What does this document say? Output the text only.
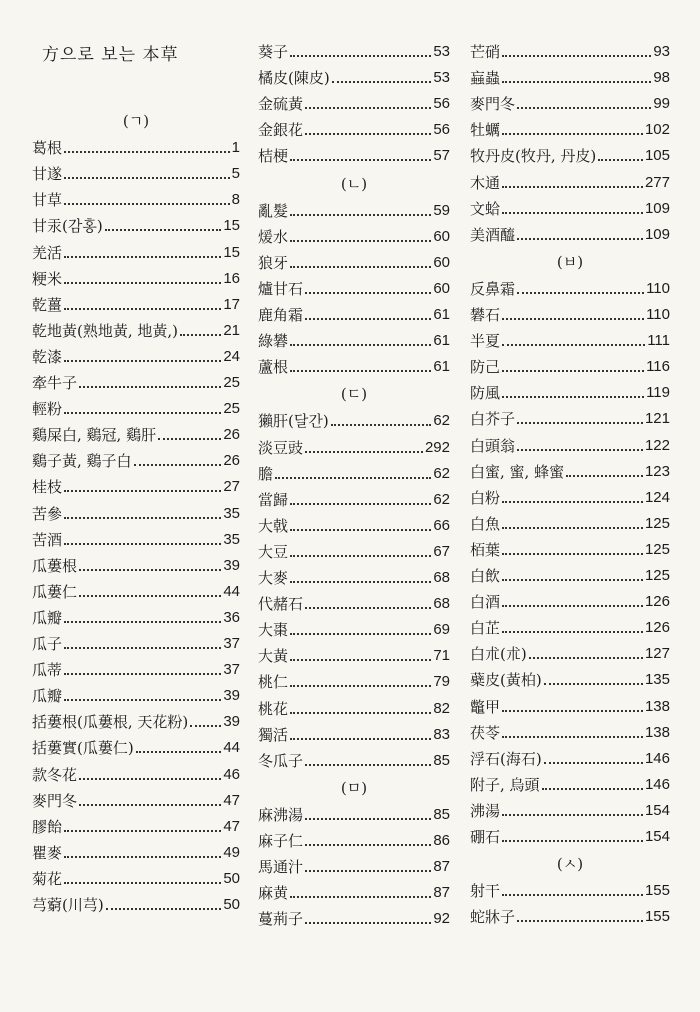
方으로 보는 本草
(ㄱ)
葛根	1
甘遂	5
甘草	8
甘汞(감홍)	15
羌活	15
粳米	16
乾薑	17
乾地黃(熟地黃, 地黃,)	21
乾漆	24
牽牛子	25
輕粉	25
鷄屎白, 鷄冠, 鷄肝	26
鷄子黃, 鷄子白	26
桂枝	27
苦參	35
苦酒	35
瓜蔞根	39
瓜蔞仁	44
瓜瓣	36
瓜子	37
瓜蒂	37
瓜瓣	39
括蔞根(瓜蔞根, 天花粉) 39
括蔞實(瓜蔞仁)	44
款冬花	46
麥門冬	47
膠飴	47
瞿麥	49
菊花	50
芎藭(川芎)	50
葵子	53
橘皮(陳皮)	53
金硫黃	56
金銀花	56
桔梗	57
(ㄴ)
亂髮	59
煖水	60
狼牙	60
爐甘石	60
鹿角霜	61
綠礬	61
蘆根	61
(ㄷ)
獺肝(달간)	62
淡豆豉	292
膽	62
當歸	62
大戟	66
大豆	67
大麥	68
代赭石	68
大棗	69
大黃	71
桃仁	79
桃花	82
獨活	83
冬瓜子	85
(ㅁ)
麻沸湯	85
麻子仁	86
馬通汁	87
麻黄	87
蔓荊子	92
芒硝	93
蝱蟲	98
麥門冬	99
牡蠣	102
牧丹皮(牧丹, 丹皮)	105
木通	277
文蛤	109
美酒醯	109
(ㅂ)
反鼻霜	110
礬石	110
半夏	111
防己	116
防風	119
白芥子	121
白頭翁	122
白蜜, 蜜, 蜂蜜	123
白粉	124
白魚	125
栢葉	125
白飲	125
白酒	126
白芷	126
白朮(朮)	127
蘗皮(黃柏)	135
鼈甲	138
茯苓	138
浮石(海石)	146
附子, 烏頭	146
沸湯	154
硼石	154
(ㅅ)
射干	155
蛇牀子	155
